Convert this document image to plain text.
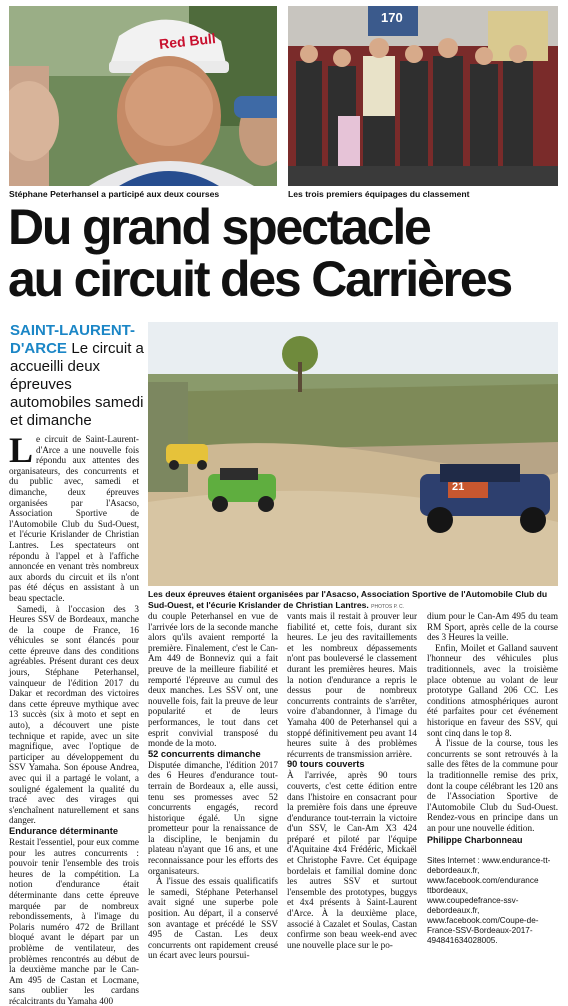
Red Bull
170
Stéphane Peterhansel a participé aux deux courses	Les trois premiers équipages du classement
Du grand spectacle
au circuit des Carrières
SAINT-LAURENT-D'ARCE Le circuit a accueilli deux épreuves automobiles samedi et dimanche
21
Les deux épreuves étaient organisées par l'Asacso, Association Sportive de l'Automobile Club du Sud-Ouest, et l'écurie Krislander de Christian Lantres. PHOTOS P. C.

Le circuit de Saint-Laurent-d'Arce a une nouvelle fois répondu aux attentes des organisateurs, des concurrents et du public avec, samedi et dimanche, deux épreuves organisées par l'Asacso, Association Sportive de l'Automobile Club du Sud-Ouest, et l'écurie Krislander de Christian Lantres. Les spectateurs ont répondu à l'appel et à l'affiche annoncée en venant très nombreux aux abords du circuit et ils n'ont pas été déçus en assistant à un beau spectacle.

Samedi, à l'occasion des 3 Heures SSV de Bordeaux, manche de la coupe de France, 16 véhicules se sont élancés pour cette épreuve dans des conditions agréables. Présent durant ces deux jours, Stéphane Peterhansel, vainqueur de l'édition 2017 du Dakar et recordman des victoires dans cette épreuve mythique avec 13 succès (six à moto et sept en auto), a découvert une piste technique et rapide, avec un site magnifique, avec l'optique de participer au développement du SSV Yamaha. Son épouse Andrea, avec qui il a partagé le volant, a souligné également la qualité du tracé avec des virages qui s'enchaînent naturellement et sans danger.

Endurance déterminante

Restait l'essentiel, pour eux comme pour les autres concurrents : pouvoir tenir l'ensemble des trois heures de la compétition. La notion d'endurance était déterminante dans cette épreuve marquée par de nombreux rebondissements, à l'image du Polaris numéro 472 de Brillant bloqué avant le départ par un problème de ventilateur, des problèmes rencontrés au début de la deuxième manche par le Can-Am 495 de Castan et Locmane, sans oublier les cardans récalcitrants du Yamaha 400

du couple Peterhansel en vue de l'arrivée lors de la seconde manche alors qu'ils avaient remporté la première. Finalement, c'est le Can-Am 449 de Bonneviz qui a fait preuve de la meilleure fiabilité et remporté l'épreuve au cumul des deux manches. Les SSV ont, une nouvelle fois, fait la preuve de leur popularité et de leurs performances, le tout dans cet esprit convivial transposé du monde de la moto.

52 concurrents dimanche

Disputée dimanche, l'édition 2017 des 6 Heures d'endurance tout-terrain de Bordeaux a, elle aussi, tenu ses promesses avec 52 concurrents engagés, record historique égalé. Un signe prometteur pour la renaissance de la discipline, le benjamin du plateau n'ayant que 16 ans, et une reconnaissance pour les efforts des organisateurs.

À l'issue des essais qualificatifs le samedi, Stéphane Peterhansel avait signé une superbe pole position. Au départ, il a conservé son avantage et précédé le SSV 495 de Castan. Les deux concurrents ont rapidement creusé un écart avec leurs poursui-

vants mais il restait à prouver leur fiabilité et, cette fois, durant six heures. Le jeu des ravitaillements et les nombreux dépassements n'ont pas bouleversé le classement durant les premières heures. Mais la notion d'endurance a repris le dessus pour de nombreux concurrents contraints de s'arrêter, voire d'abandonner, à l'image du Yamaha 400 de Peterhansel qui a stoppé définitivement peu avant 14 heures suite à des problèmes récurrents de transmission arrière.

90 tours couverts

À l'arrivée, après 90 tours couverts, c'est cette édition entre dans l'histoire en consacrant pour la première fois dans une épreuve d'endurance tout-terrain la victoire d'un SSV, le Can-Am X3 424 préparé et piloté par l'équipe d'Aquitaine 4x4 Frédéric, Mickaël et Christophe Favre. Cet équipage bordelais et familial domine donc les autres SSV et surtout l'ensemble des prototypes, buggys et 4x4 présents à Saint-Laurent d'Arce. À la deuxième place, associé à Cazalet et Soulas, Castan confirme son beau week-end avec une nouvelle place sur le po-

dium pour le Can-Am 495 du team RM Sport, après celle de la course des 3 Heures la veille.

Enfin, Moilet et Galland sauvent l'honneur des véhicules plus traditionnels, avec la troisième place obtenue au volant de leur prototype Galland 206 CC. Les conditions atmosphériques auront été parfaites pour cet événement historique en faveur des SSV, qui sont cinq dans le top 8.

À l'issue de la course, tous les concurrents se sont retrouvés à la salle des fêtes de la commune pour la traditionnelle remise des prix, dont la coupe célébrant les 120 ans de l'Association Sportive de l'Automobile Club du Sud-Ouest. Rendez-vous en principe dans un an pour une nouvelle édition.

Philippe Charbonneau
Sites Internet : www.endurance-tt-debordeaux.fr,
www.facebook.com/endurance ttbordeaux,
www.coupedefrance-ssv-debordeaux.fr,
www.facebook.com/Coupe-de-France-SSV-Bordeaux-2017-494841634028005.
